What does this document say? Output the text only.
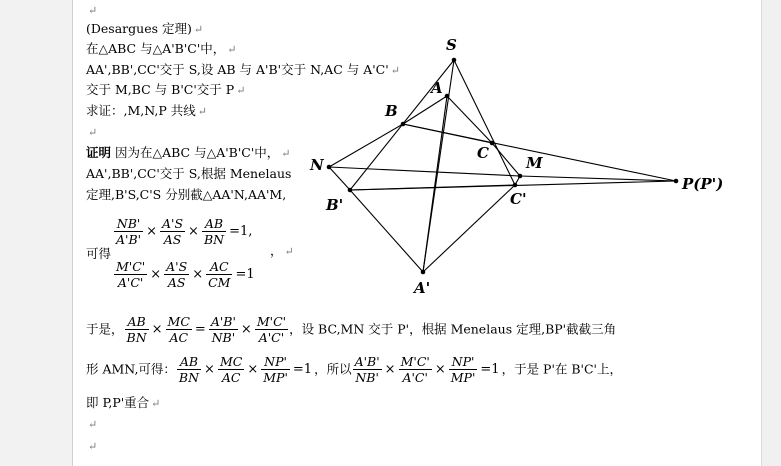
↵
(Desargues 定理) ↵
在△ABC 与△A'B'C'中， ↵
AA',BB',CC'交于 S,设 AB 与 A'B'交于 N,AC 与 A'C' ↵
交于 M,BC 与 B'C'交于 P ↵
求证：,M,N,P 共线 ↵
↵
证明 因为在△ABC 与△A'B'C'中， ↵
AA',BB',CC'交于 S,根据 Menelaus
定理,B'S,C'S 分别截△AA'N,AA'M,
可得
$\frac{NB'}{A'B'} \times \frac{A'S}{AS} \times \frac{AB}{BN} =1$,
$\frac{M'C'}{A'C'} \times \frac{A'S}{AS} \times \frac{AC}{CM} =1$
， ↵
于是， $\frac{AB}{BN} \times \frac{MC}{AC} = \frac{A'B'}{NB'} \times \frac{M'C'}{A'C'}$ ，设 BC,MN 交于 P'，根据 Menelaus 定理,BP'截截三角
形 AMN,可得： $\frac{AB}{BN} \times \frac{MC}{AC} \times \frac{NP'}{MP'} =1$ ，所以 $\frac{A'B'}{NB'} \times \frac{M'C'}{A'C'} \times \frac{NP'}{MP'} =1$ ，于是 P'在 B'C'上，
即 P,P'重合 ↵
↵
↵
S
A
B
C
M
N
B'	C'
A'
P(P')
